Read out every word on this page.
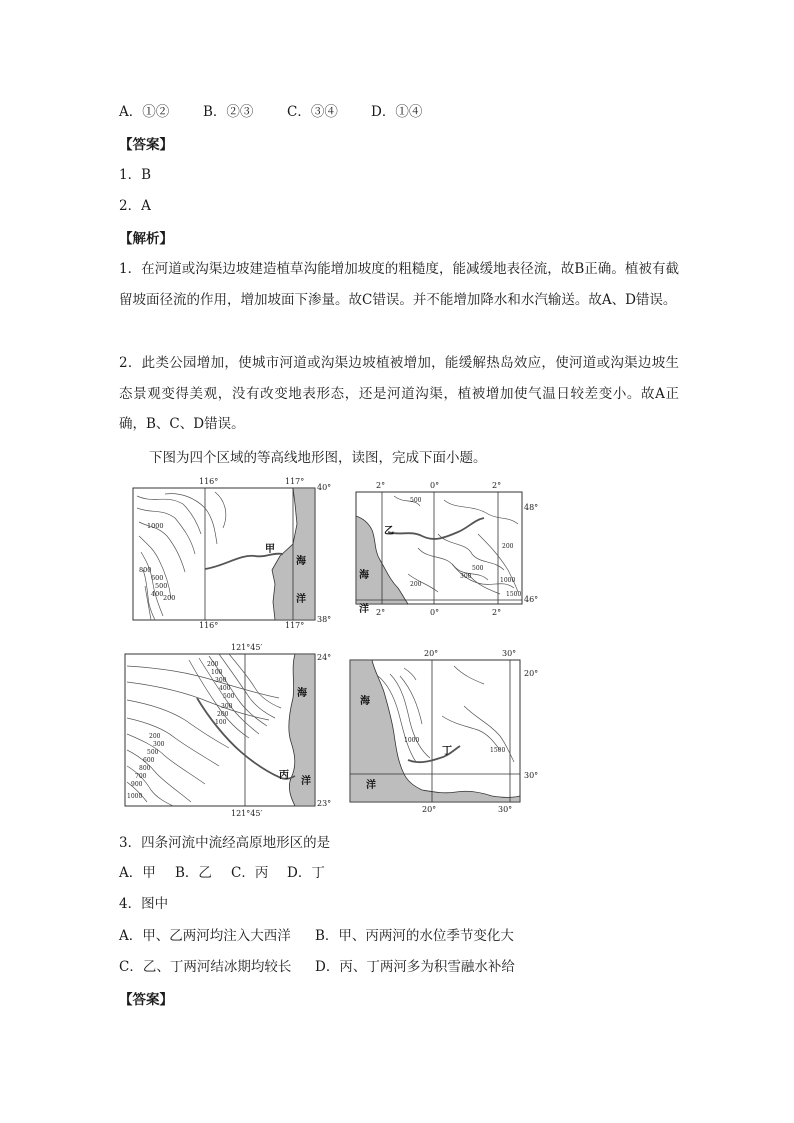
A．①②	B．②③ C．③④ D．①④
【答案】
1．B
2．A
【解析】
1．在河道或沟渠边坡建造植草沟能增加坡度的粗糙度，能减缓地表径流，故B正确。植被有截留坡面径流的作用，增加坡面下渗量。故C错误。并不能增加降水和水汽输送。故A、D错误。
2．此类公园增加，使城市河道或沟渠边坡植被增加，能缓解热岛效应，使河道或沟渠边坡生态景观变得美观，没有改变地表形态，还是河道沟渠，植被增加使气温日较差变小。故A正确，B、C、D错误。
下图为四个区域的等高线地形图，读图，完成下面小题。
116°	117°
116°	117°
40°
38°
1000
800
600
500
400 200
甲
海
洋
2°	0°	2°
2°	0°	2°
48°
46°
500
300
500
200
1000
1500
200
乙
海
洋
121°45′
121°45′
24°
23°
200
100
300
400
500
300
200
100
200
300
500
600
800
700
900
1000
丙
海
洋
20°	30°
20°	30°
20°
30°
1000
1500
丁
海
洋
3．四条河流中流经高原地形区的是
A．甲 B．乙 C．丙 D．丁
4．图中
A．甲、乙两河均注入大西洋 B．甲、丙两河的水位季节变化大
C．乙、丁两河结冰期均较长 D．丙、丁两河多为积雪融水补给
【答案】
